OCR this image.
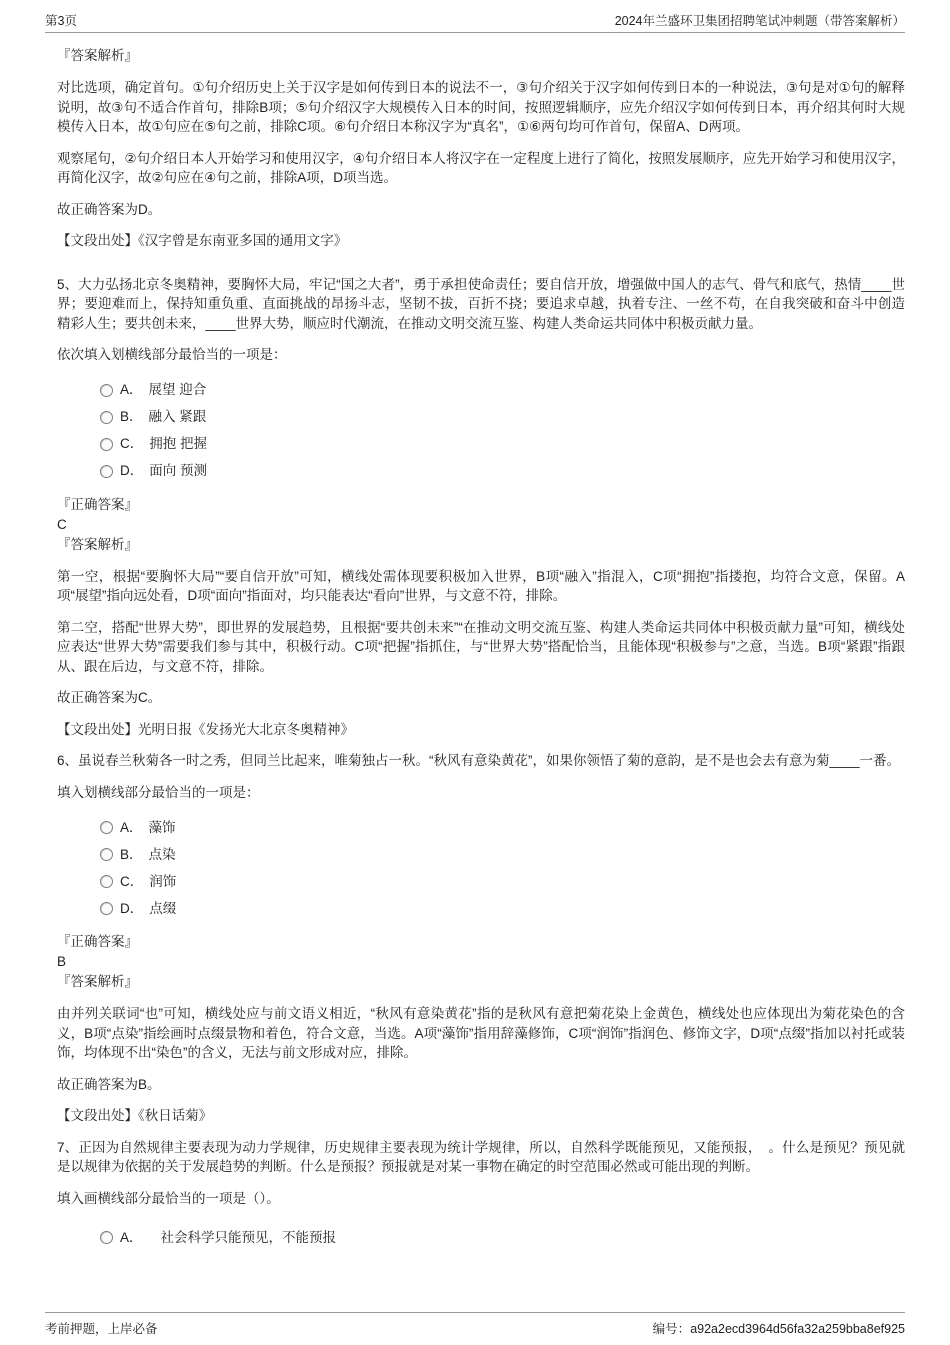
第3页	2024年兰盛环卫集团招聘笔试冲刺题（带答案解析）

『答案解析』

对比选项，确定首句。①句介绍历史上关于汉字是如何传到日本的说法不一，③句介绍关于汉字如何传到日本的一种说法，③句是对①句的解释说明，故③句不适合作首句，排除B项；⑤句介绍汉字大规模传入日本的时间，按照逻辑顺序，应先介绍汉字如何传到日本，再介绍其何时大规模传入日本，故①句应在⑤句之前，排除C项。⑥句介绍日本称汉字为“真名”，①⑥两句均可作首句，保留A、D两项。

观察尾句，②句介绍日本人开始学习和使用汉字，④句介绍日本人将汉字在一定程度上进行了简化，按照发展顺序，应先开始学习和使用汉字，再简化汉字，故②句应在④句之前，排除A项，D项当选。

故正确答案为D。

【文段出处】《汉字曾是东南亚多国的通用文字》

5、大力弘扬北京冬奥精神，要胸怀大局，牢记“国之大者”，勇于承担使命责任；要自信开放，增强做中国人的志气、骨气和底气，热情____世界；要迎难而上，保持知重负重、直面挑战的昂扬斗志，坚韧不拔，百折不挠；要追求卓越，执着专注、一丝不苟，在自我突破和奋斗中创造精彩人生；要共创未来，____世界大势，顺应时代潮流，在推动文明交流互鉴、构建人类命运共同体中积极贡献力量。

依次填入划横线部分最恰当的一项是：

A． 展望 迎合
B． 融入 紧跟
C． 拥抱 把握
D． 面向 预测

『正确答案』

C

『答案解析』

第一空，根据“要胸怀大局”“要自信开放”可知，横线处需体现要积极加入世界，B项“融入”指混入，C项“拥抱”指搂抱，均符合文意，保留。A项“展望”指向远处看，D项“面向”指面对，均只能表达“看向”世界，与文意不符，排除。

第二空，搭配“世界大势”，即世界的发展趋势，且根据“要共创未来”“在推动文明交流互鉴、构建人类命运共同体中积极贡献力量”可知，横线处应表达“世界大势”需要我们参与其中，积极行动。C项“把握”指抓住，与“世界大势”搭配恰当，且能体现“积极参与”之意，当选。B项“紧跟”指跟从、跟在后边，与文意不符，排除。

故正确答案为C。

【文段出处】光明日报《发扬光大北京冬奥精神》

6、虽说春兰秋菊各一时之秀，但同兰比起来，唯菊独占一秋。“秋风有意染黄花”，如果你领悟了菊的意韵，是不是也会去有意为菊____一番。

填入划横线部分最恰当的一项是：

A． 藻饰
B． 点染
C． 润饰
D． 点缀

『正确答案』

B

『答案解析』

由并列关联词“也”可知，横线处应与前文语义相近，“秋风有意染黄花”指的是秋风有意把菊花染上金黄色，横线处也应体现出为菊花染色的含义，B项“点染”指绘画时点缀景物和着色，符合文意，当选。A项“藻饰”指用辞藻修饰，C项“润饰”指润色、修饰文字，D项“点缀”指加以衬托或装饰，均体现不出“染色”的含义，无法与前文形成对应，排除。

故正确答案为B。

【文段出处】《秋日话菊》

7、正因为自然规律主要表现为动力学规律，历史规律主要表现为统计学规律，所以，自然科学既能预见，又能预报，　。什么是预见？预见就是以规律为依据的关于发展趋势的判断。什么是预报？预报就是对某一事物在确定的时空范围必然或可能出现的判断。

填入画横线部分最恰当的一项是（）。

A． 社会科学只能预见，不能预报
考前押题，上岸必备	编号：a92a2ecd3964d56fa32a259bba8ef925
